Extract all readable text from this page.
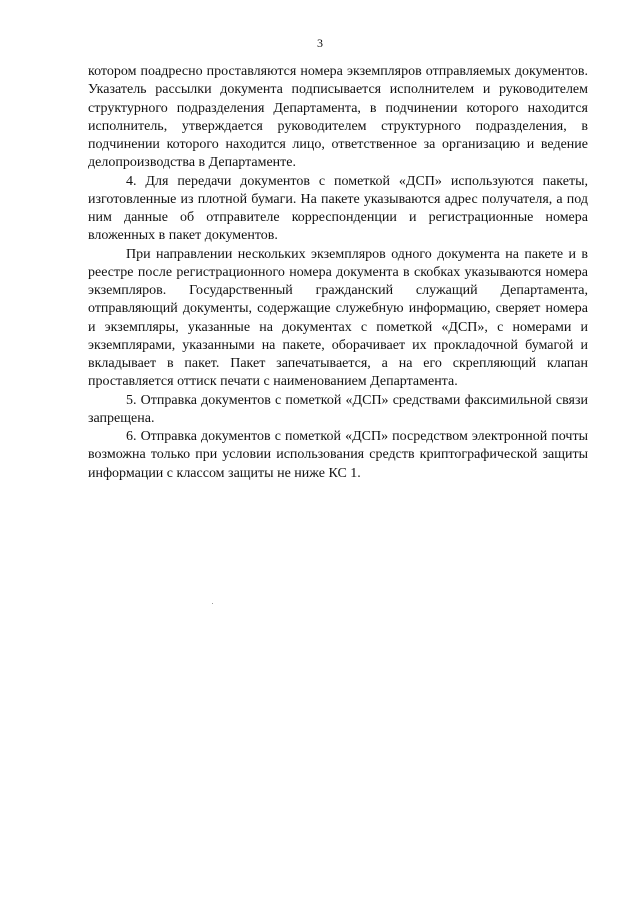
3

котором поадресно проставляются номера экземпляров отправляемых документов. Указатель рассылки документа подписывается исполнителем и руководителем структурного подразделения Департамента, в подчинении которого находится исполнитель, утверждается руководителем структурного подразделения, в подчинении которого находится лицо, ответственное за организацию и ведение делопроизводства в Департаменте.

4. Для передачи документов с пометкой «ДСП» используются пакеты, изготовленные из плотной бумаги. На пакете указываются адрес получателя, а под ним данные об отправителе корреспонденции и регистрационные номера вложенных в пакет документов.

При направлении нескольких экземпляров одного документа на пакете и в реестре после регистрационного номера документа в скобках указываются номера экземпляров. Государственный гражданский служащий Департамента, отправляющий документы, содержащие служебную информацию, сверяет номера и экземпляры, указанные на документах с пометкой «ДСП», с номерами и экземплярами, указанными на пакете, оборачивает их прокладочной бумагой и вкладывает в пакет. Пакет запечатывается, а на его скрепляющий клапан проставляется оттиск печати с наименованием Департамента.

5. Отправка документов с пометкой «ДСП» средствами факсимильной связи запрещена.

6. Отправка документов с пометкой «ДСП» посредством электронной почты возможна только при условии использования средств криптографической защиты информации с классом защиты не ниже КС 1.
